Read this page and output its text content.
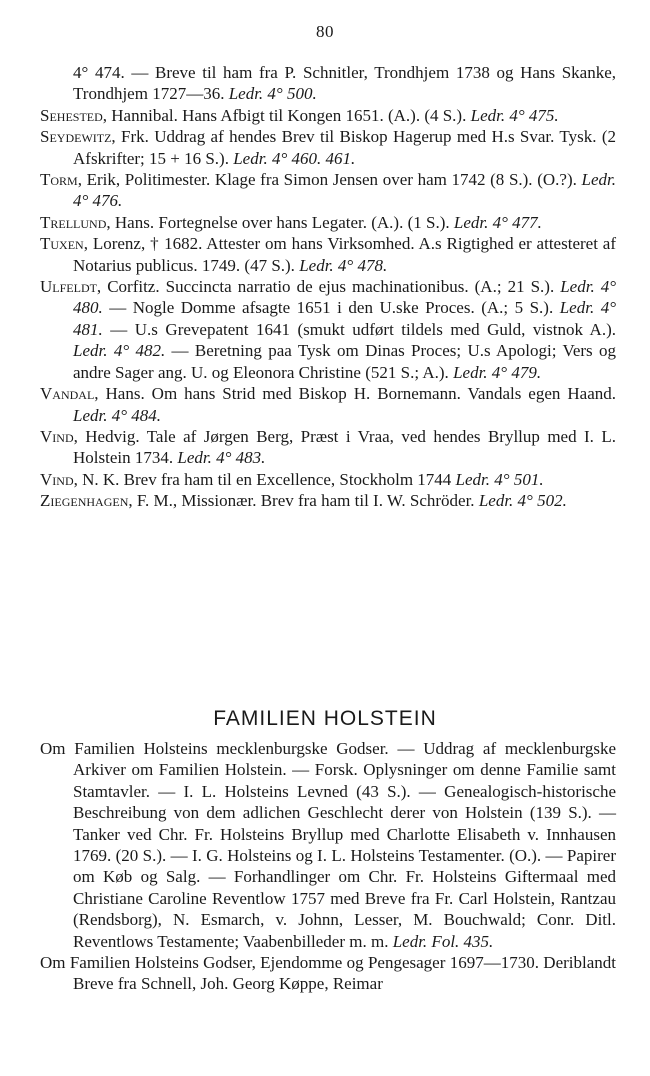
80

4° 474. — Breve til ham fra P. Schnitler, Trondhjem 1738 og Hans Skanke, Trondhjem 1727—36. Ledr. 4° 500.

Sehested, Hannibal. Hans Afbigt til Kongen 1651. (A.). (4 S.). Ledr. 4° 475.

Seydewitz, Frk. Uddrag af hendes Brev til Biskop Hagerup med H.s Svar. Tysk. (2 Afskrifter; 15 + 16 S.). Ledr. 4° 460. 461.

Torm, Erik, Politimester. Klage fra Simon Jensen over ham 1742 (8 S.). (O.?). Ledr. 4° 476.

Trellund, Hans. Fortegnelse over hans Legater. (A.). (1 S.). Ledr. 4° 477.

Tuxen, Lorenz, † 1682. Attester om hans Virksomhed. A.s Rigtighed er attesteret af Notarius publicus. 1749. (47 S.). Ledr. 4° 478.

Ulfeldt, Corfitz. Succincta narratio de ejus machinationibus. (A.; 21 S.). Ledr. 4° 480. — Nogle Domme afsagte 1651 i den U.ske Proces. (A.; 5 S.). Ledr. 4° 481. — U.s Grevepatent 1641 (smukt udført tildels med Guld, vistnok A.). Ledr. 4° 482. — Beretning paa Tysk om Dinas Proces; U.s Apologi; Vers og andre Sager ang. U. og Eleonora Christine (521 S.; A.). Ledr. 4° 479.

Vandal, Hans. Om hans Strid med Biskop H. Bornemann. Vandals egen Haand. Ledr. 4° 484.

Vind, Hedvig. Tale af Jørgen Berg, Præst i Vraa, ved hendes Bryllup med I. L. Holstein 1734. Ledr. 4° 483.

Vind, N. K. Brev fra ham til en Excellence, Stockholm 1744 Ledr. 4° 501.

Ziegenhagen, F. M., Missionær. Brev fra ham til I. W. Schröder. Ledr. 4° 502.

FAMILIEN HOLSTEIN

Om Familien Holsteins mecklenburgske Godser. — Uddrag af mecklenburgske Arkiver om Familien Holstein. — Forsk. Oplysninger om denne Familie samt Stamtavler. — I. L. Holsteins Levned (43 S.). — Genealogisch-historische Beschreibung von dem adlichen Geschlecht derer von Holstein (139 S.). — Tanker ved Chr. Fr. Holsteins Bryllup med Charlotte Elisabeth v. Innhausen 1769. (20 S.). — I. G. Holsteins og I. L. Holsteins Testamenter. (O.). — Papirer om Køb og Salg. — Forhandlinger om Chr. Fr. Holsteins Giftermaal med Christiane Caroline Reventlow 1757 med Breve fra Fr. Carl Holstein, Rantzau (Rendsborg), N. Esmarch, v. Johnn, Lesser, M. Bouchwald; Conr. Ditl. Reventlows Testamente; Vaabenbilleder m. m. Ledr. Fol. 435.

Om Familien Holsteins Godser, Ejendomme og Pengesager 1697—1730. Deriblandt Breve fra Schnell, Joh. Georg Køppe, Reimar
